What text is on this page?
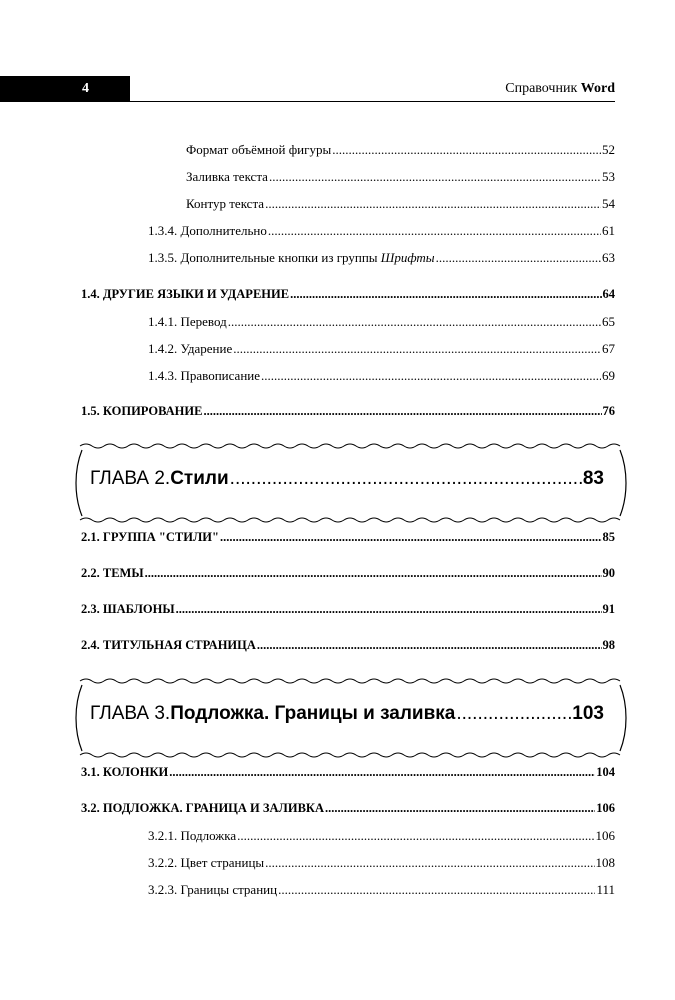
4	Справочник Word
Формат объёмной фигуры .....	52
Заливка текста .....	53
Контур текста .....	54
1.3.4. Дополнительно .....	61
1.3.5. Дополнительные кнопки из группы Шрифты .....	63
1.4. ДРУГИЕ ЯЗЫКИ И УДАРЕНИЕ .....	64
1.4.1. Перевод .....	65
1.4.2. Ударение .....	67
1.4.3. Правописание .....	69
1.5. КОПИРОВАНИЕ .....	76
ГЛАВА 2. Стили .....	83
2.1. ГРУППА "СТИЛИ" .....	85
2.2. ТЕМЫ .....	90
2.3. ШАБЛОНЫ .....	91
2.4. ТИТУЛЬНАЯ СТРАНИЦА .....	98
ГЛАВА 3. Подложка. Границы и заливка .....	103
3.1. КОЛОНКИ .....	104
3.2. ПОДЛОЖКА. ГРАНИЦА И ЗАЛИВКА .....	106
3.2.1. Подложка .....	106
3.2.2. Цвет страницы .....	108
3.2.3. Границы страниц .....	111
